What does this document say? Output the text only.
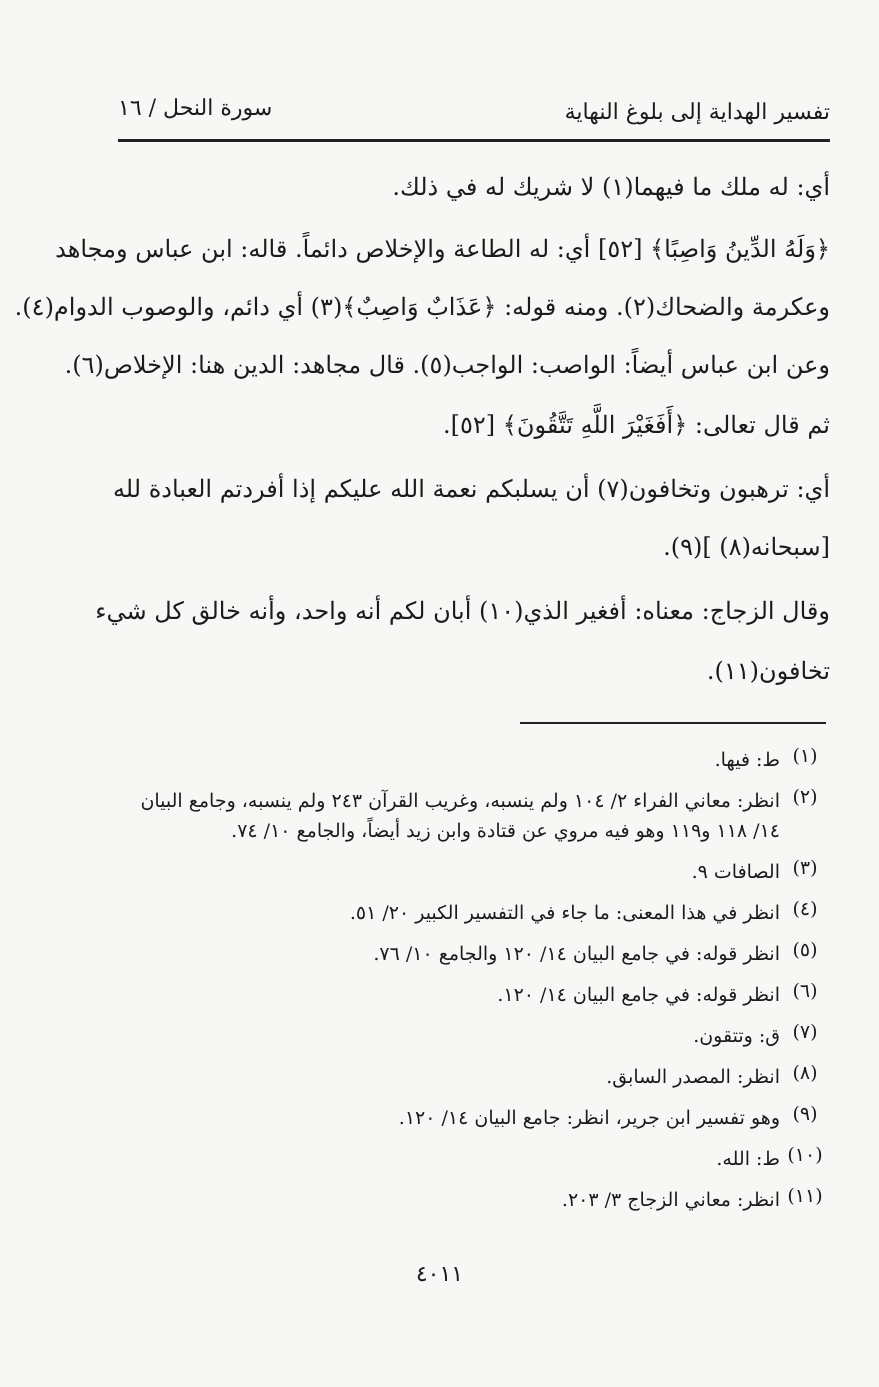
تفسير الهداية إلى بلوغ النهاية
سورة النحل / ١٦

أي: له ملك ما فيهما(١) لا شريك له في ذلك.

﴿وَلَهُ الدِّينُ وَاصِبًا﴾ [٥٢] أي: له الطاعة والإخلاص دائماً. قاله: ابن عباس ومجاهد
وعكرمة والضحاك(٢). ومنه قوله: ﴿عَذَابٌ وَاصِبٌ﴾(٣) أي دائم، والوصوب الدوام(٤).

وعن ابن عباس أيضاً: الواصب: الواجب(٥). قال مجاهد: الدين هنا: الإخلاص(٦).

ثم قال تعالى: ﴿أَفَغَيْرَ اللَّهِ تَتَّقُونَ﴾ [٥٢].

أي: ترهبون وتخافون(٧) أن يسلبكم نعمة الله عليكم إذا أفردتم العبادة لله
[سبحانه(٨) ](٩).

وقال الزجاج: معناه: أفغير الذي(١٠) أبان لكم أنه واحد، وأنه خالق كل شيء
تخافون(١١).

(١)
ط: فيها.
(٢)
انظر: معاني الفراء ٢/ ١٠٤ ولم ينسبه، وغريب القرآن ٢٤٣ ولم ينسبه، وجامع البيان
١٤/ ١١٨ و١١٩ وهو فيه مروي عن قتادة وابن زيد أيضاً، والجامع ١٠/ ٧٤.
(٣)
الصافات ٩.
(٤)
انظر في هذا المعنى: ما جاء في التفسير الكبير ٢٠/ ٥١.
(٥)
انظر قوله: في جامع البيان ١٤/ ١٢٠ والجامع ١٠/ ٧٦.
(٦)
انظر قوله: في جامع البيان ١٤/ ١٢٠.
(٧)
ق: وتتقون.
(٨)
انظر: المصدر السابق.
(٩)
وهو تفسير ابن جرير، انظر: جامع البيان ١٤/ ١٢٠.
(١٠)
ط: الله.
(١١)
انظر: معاني الزجاج ٣/ ٢٠٣.
٤٠١١
